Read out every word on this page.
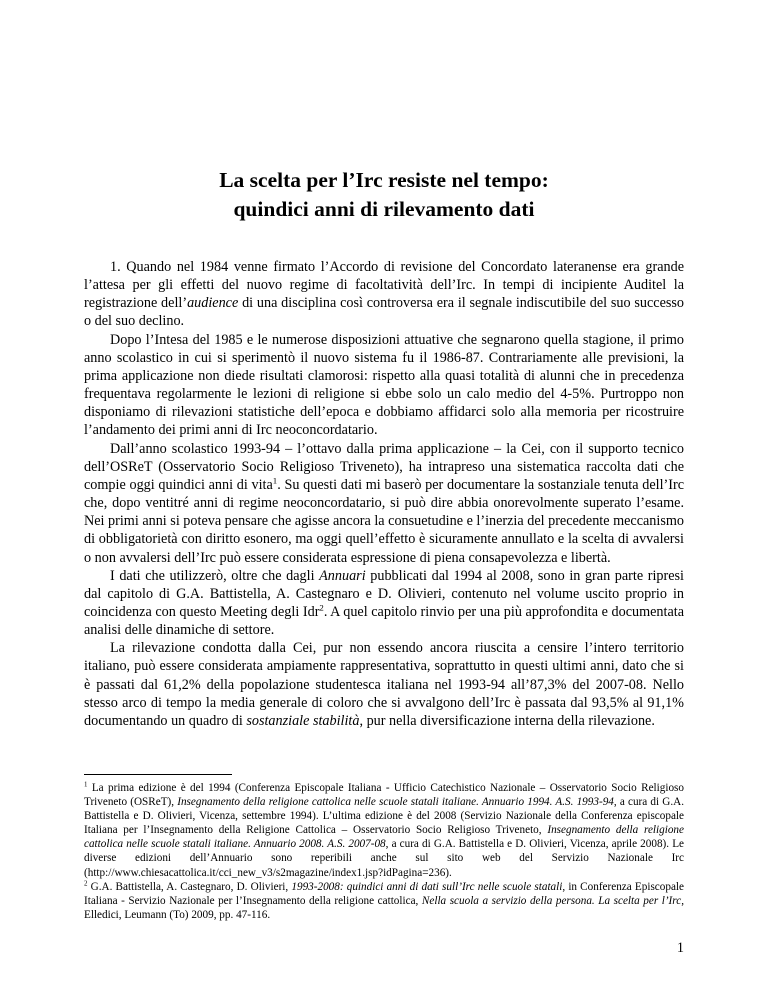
La scelta per l’Irc resiste nel tempo:
quindici anni di rilevamento dati

1. Quando nel 1984 venne firmato l’Accordo di revisione del Concordato lateranense era grande l’attesa per gli effetti del nuovo regime di facoltatività dell’Irc. In tempi di incipiente Auditel la registrazione dell’audience di una disciplina così controversa era il segnale indiscutibile del suo successo o del suo declino.

Dopo l’Intesa del 1985 e le numerose disposizioni attuative che segnarono quella stagione, il primo anno scolastico in cui si sperimentò il nuovo sistema fu il 1986-87. Contrariamente alle previsioni, la prima applicazione non diede risultati clamorosi: rispetto alla quasi totalità di alunni che in precedenza frequentava regolarmente le lezioni di religione si ebbe solo un calo medio del 4-5%. Purtroppo non disponiamo di rilevazioni statistiche dell’epoca e dobbiamo affidarci solo alla memoria per ricostruire l’andamento dei primi anni di Irc neoconcordatario.

Dall’anno scolastico 1993-94 – l’ottavo dalla prima applicazione – la Cei, con il supporto tecnico dell’OSReT (Osservatorio Socio Religioso Triveneto), ha intrapreso una sistematica raccolta dati che compie oggi quindici anni di vita$^1$. Su questi dati mi baserò per documentare la sostanziale tenuta dell’Irc che, dopo ventitré anni di regime neoconcordatario, si può dire abbia onorevolmente superato l’esame. Nei primi anni si poteva pensare che agisse ancora la consuetudine e l’inerzia del precedente meccanismo di obbligatorietà con diritto esonero, ma oggi quell’effetto è sicuramente annullato e la scelta di avvalersi o non avvalersi dell’Irc può essere considerata espressione di piena consapevolezza e libertà.

I dati che utilizzerò, oltre che dagli Annuari pubblicati dal 1994 al 2008, sono in gran parte ripresi dal capitolo di G.A. Battistella, A. Castegnaro e D. Olivieri, contenuto nel volume uscito proprio in coincidenza con questo Meeting degli Idr$^2$. A quel capitolo rinvio per una più approfondita e documentata analisi delle dinamiche di settore.

La rilevazione condotta dalla Cei, pur non essendo ancora riuscita a censire l’intero territorio italiano, può essere considerata ampiamente rappresentativa, soprattutto in questi ultimi anni, dato che si è passati dal 61,2% della popolazione studentesca italiana nel 1993-94 all’87,3% del 2007-08. Nello stesso arco di tempo la media generale di coloro che si avvalgono dell’Irc è passata dal 93,5% al 91,1% documentando un quadro di sostanziale stabilità, pur nella diversificazione interna della rilevazione.

$^1$ La prima edizione è del 1994 (Conferenza Episcopale Italiana - Ufficio Catechistico Nazionale – Osservatorio Socio Religioso Triveneto (OSReT), Insegnamento della religione cattolica nelle scuole statali italiane. Annuario 1994. A.S. 1993-94, a cura di G.A. Battistella e D. Olivieri, Vicenza, settembre 1994). L’ultima edizione è del 2008 (Servizio Nazionale della Conferenza episcopale Italiana per l’Insegnamento della Religione Cattolica – Osservatorio Socio Religioso Triveneto, Insegnamento della religione cattolica nelle scuole statali italiane. Annuario 2008. A.S. 2007-08, a cura di G.A. Battistella e D. Olivieri, Vicenza, aprile 2008). Le diverse edizioni dell’Annuario sono reperibili anche sul sito web del Servizio Nazionale Irc (http://www.chiesacattolica.it/cci_new_v3/s2magazine/index1.jsp?idPagina=236).

$^2$ G.A. Battistella, A. Castegnaro, D. Olivieri, 1993-2008: quindici anni di dati sull’Irc nelle scuole statali, in Conferenza Episcopale Italiana - Servizio Nazionale per l’Insegnamento della religione cattolica, Nella scuola a servizio della persona. La scelta per l’Irc, Elledici, Leumann (To) 2009, pp. 47-116.

1
